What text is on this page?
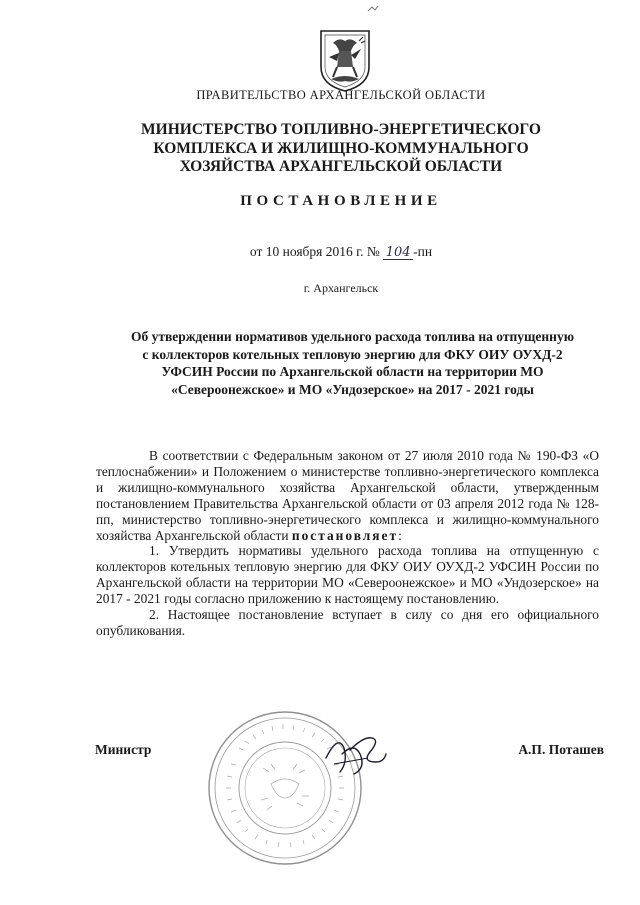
ПРАВИТЕЛЬСТВО АРХАНГЕЛЬСКОЙ ОБЛАСТИ
МИНИСТЕРСТВО ТОПЛИВНО-ЭНЕРГЕТИЧЕСКОГО
КОМПЛЕКСА И ЖИЛИЩНО-КОММУНАЛЬНОГО
ХОЗЯЙСТВА АРХАНГЕЛЬСКОЙ ОБЛАСТИ
ПОСТАНОВЛЕНИЕ
от 10 ноября 2016 г. № 104 -пн
г. Архангельск
Об утверждении нормативов удельного расхода топлива на отпущенную
с коллекторов котельных тепловую энергию для ФКУ ОИУ ОУХД-2
УФСИН России по Архангельской области на территории МО
«Североонежское» и МО «Ундозерское» на 2017 - 2021 годы

В соответствии с Федеральным законом от 27 июля 2010 года № 190-ФЗ «О теплоснабжении» и Положением о министерстве топливно-энергетического комплекса и жилищно-коммунального хозяйства Архангельской области, утвержденным постановлением Правительства Архангельской области от 03 апреля 2012 года № 128-пп, министерство топливно-энергетического комплекса и жилищно-коммунального хозяйства Архангельской области постановляет:

1. Утвердить нормативы удельного расхода топлива на отпущенную с коллекторов котельных тепловую энергию для ФКУ ОИУ ОУХД-2 УФСИН России по Архангельской области на территории МО «Североонежское» и МО «Ундозерское» на 2017 - 2021 годы согласно приложению к настоящему постановлению.

2. Настоящее постановление вступает в силу со дня его официального опубликования.

Министр	А.П. Поташев
